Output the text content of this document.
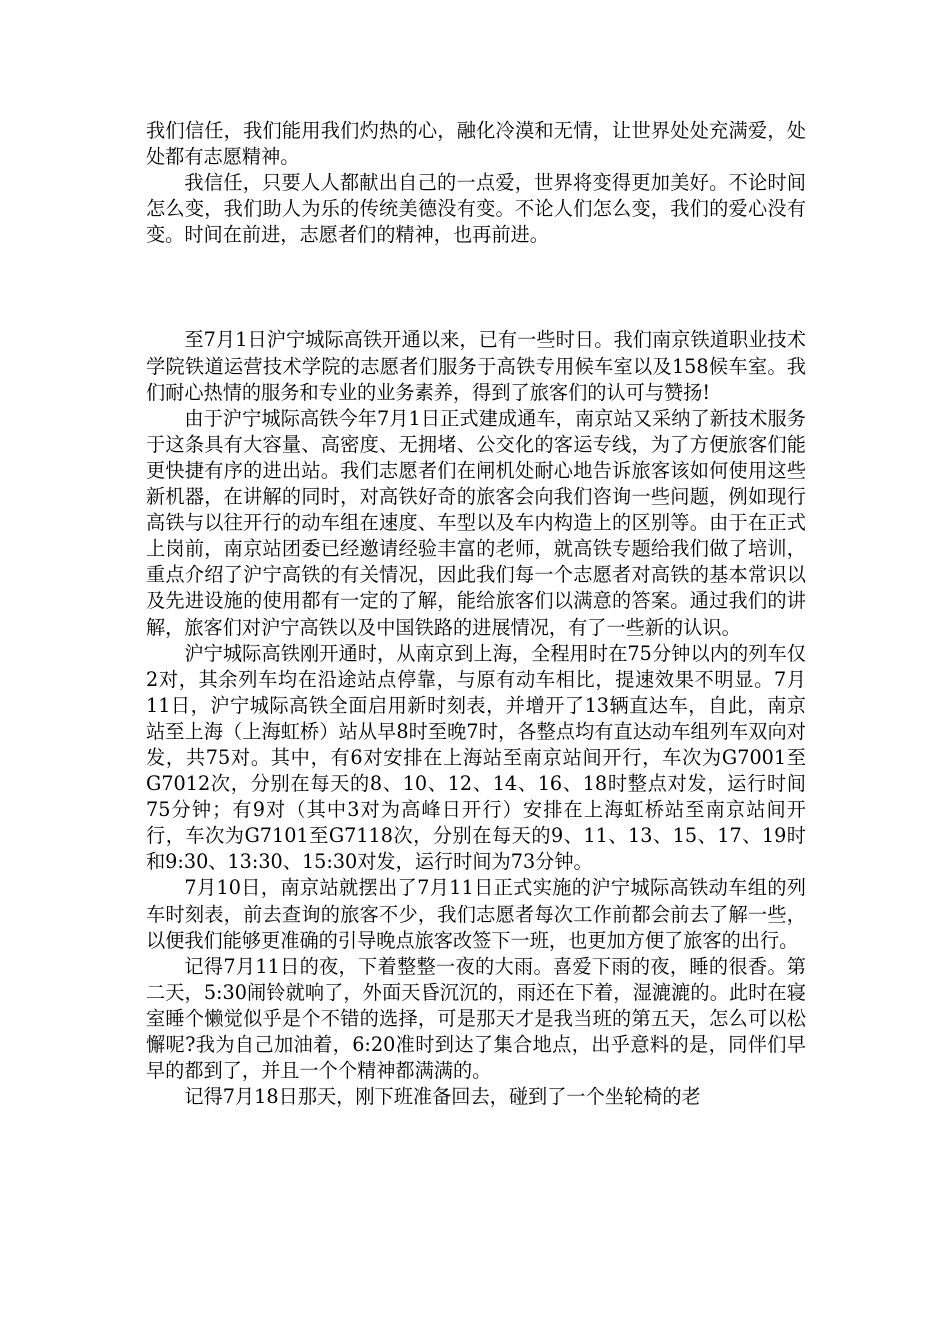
我们信任，我们能用我们灼热的心，融化冷漠和无情，让世界处处充满爱，处处都有志愿精神。

我信任，只要人人都献出自己的一点爱，世界将变得更加美好。不论时间怎么变，我们助人为乐的传统美德没有变。不论人们怎么变，我们的爱心没有变。时间在前进，志愿者们的精神，也再前进。

至7月1日沪宁城际高铁开通以来，已有一些时日。我们南京铁道职业技术学院铁道运营技术学院的志愿者们服务于高铁专用候车室以及158候车室。我们耐心热情的服务和专业的业务素养，得到了旅客们的认可与赞扬!

由于沪宁城际高铁今年7月1日正式建成通车，南京站又采纳了新技术服务于这条具有大容量、高密度、无拥堵、公交化的客运专线，为了方便旅客们能更快捷有序的进出站。我们志愿者们在闸机处耐心地告诉旅客该如何使用这些新机器，在讲解的同时，对高铁好奇的旅客会向我们咨询一些问题，例如现行高铁与以往开行的动车组在速度、车型以及车内构造上的区别等。由于在正式上岗前，南京站团委已经邀请经验丰富的老师，就高铁专题给我们做了培训，重点介绍了沪宁高铁的有关情况，因此我们每一个志愿者对高铁的基本常识以及先进设施的使用都有一定的了解，能给旅客们以满意的答案。通过我们的讲解，旅客们对沪宁高铁以及中国铁路的进展情况，有了一些新的认识。

沪宁城际高铁刚开通时，从南京到上海，全程用时在75分钟以内的列车仅2对，其余列车均在沿途站点停靠，与原有动车相比，提速效果不明显。7月11日，沪宁城际高铁全面启用新时刻表，并增开了13辆直达车，自此，南京站至上海（上海虹桥）站从早8时至晚7时，各整点均有直达动车组列车双向对发，共75对。其中，有6对安排在上海站至南京站间开行，车次为G7001至G7012次，分别在每天的8、10、12、14、16、18时整点对发，运行时间75分钟；有9对（其中3对为高峰日开行）安排在上海虹桥站至南京站间开行，车次为G7101至G7118次，分别在每天的9、11、13、15、17、19时和9:30、13:30、15:30对发，运行时间为73分钟。

7月10日，南京站就摆出了7月11日正式实施的沪宁城际高铁动车组的列车时刻表，前去查询的旅客不少，我们志愿者每次工作前都会前去了解一些，以便我们能够更准确的引导晚点旅客改签下一班，也更加方便了旅客的出行。

记得7月11日的夜，下着整整一夜的大雨。喜爱下雨的夜，睡的很香。第二天，5:30闹铃就响了，外面天昏沉沉的，雨还在下着，湿漉漉的。此时在寝室睡个懒觉似乎是个不错的选择，可是那天才是我当班的第五天，怎么可以松懈呢?我为自己加油着，6:20准时到达了集合地点，出乎意料的是，同伴们早早的都到了，并且一个个精神都满满的。

记得7月18日那天，刚下班准备回去，碰到了一个坐轮椅的老
